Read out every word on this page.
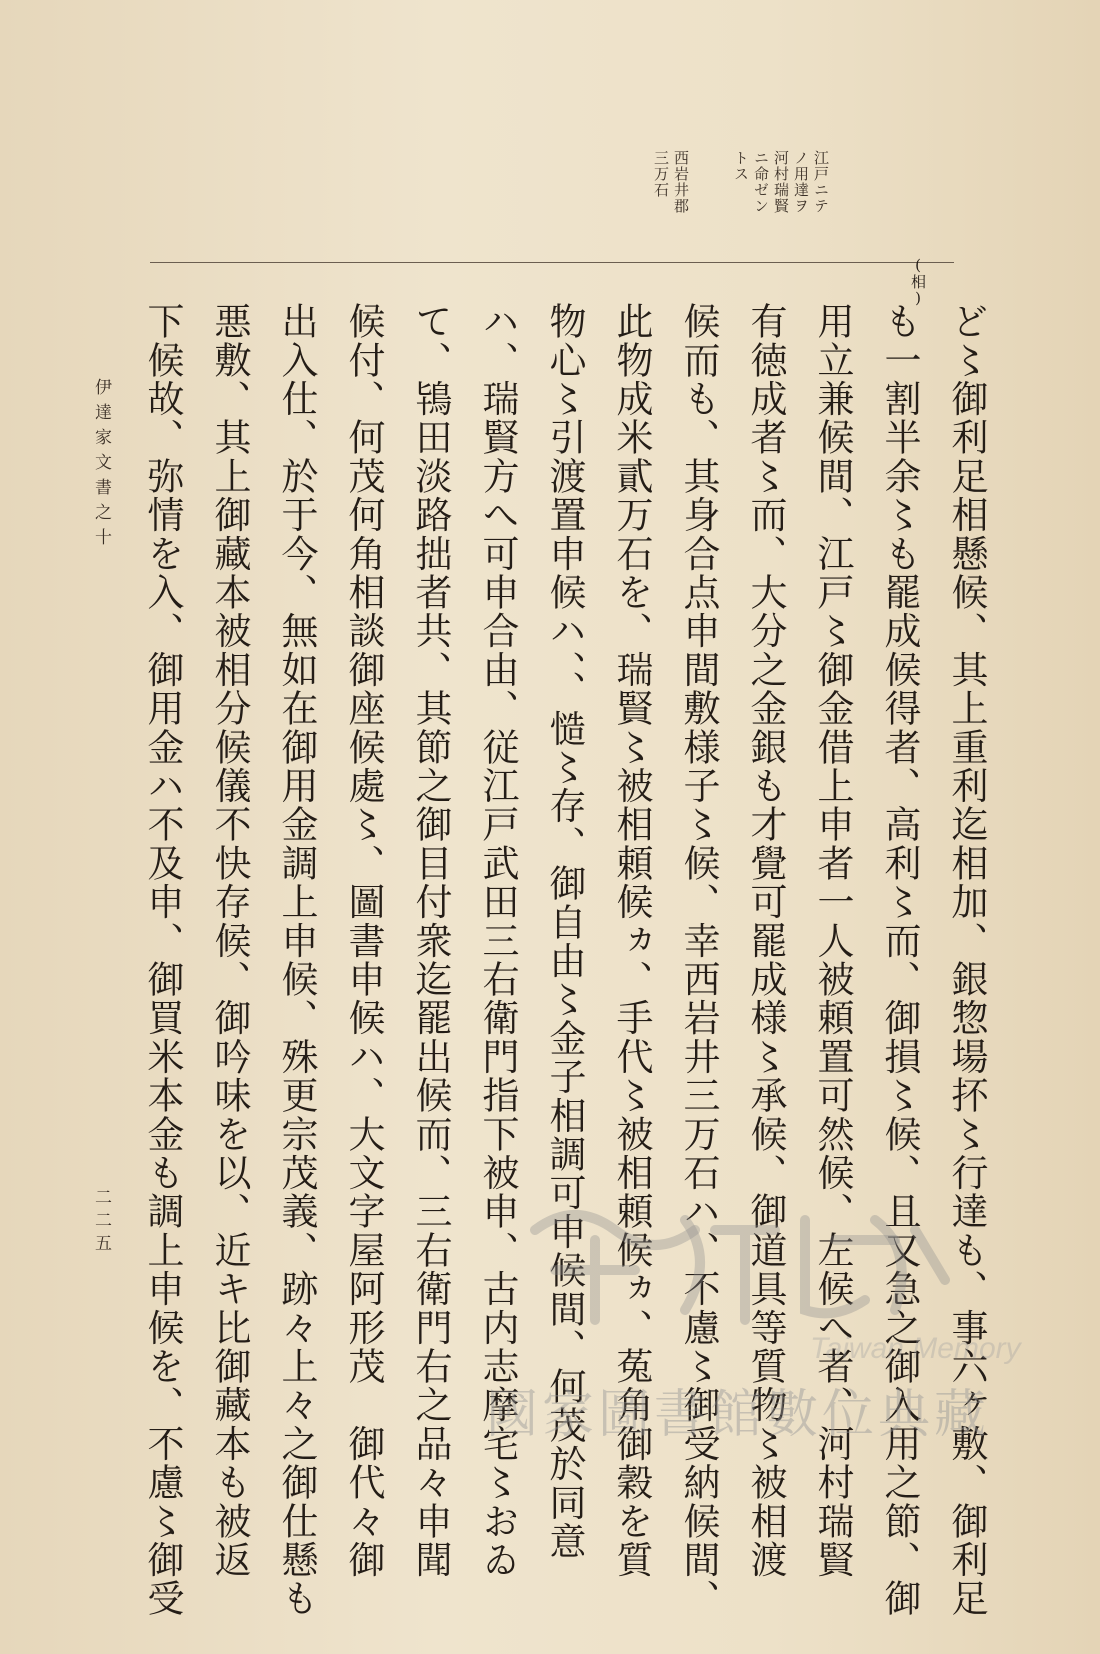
江戸ニテ
ノ用達ヲ
河村瑞賢
ニ命ゼン
トス
西岩井郡
三万石
(相)
ど〻御利足相懸候、其上重利迄相加、銀惣場抔〻行達も、事六ヶ敷、御利足
も一割半余〻も罷成候得者、高利〻而、御損〻候、且又急之御入用之節、御
用立兼候間、江戸〻御金借上申者一人被頼置可然候、左候へ者、河村瑞賢
有徳成者〻而、大分之金銀も才覺可罷成様〻承候、御道具等質物〻被相渡
候而も、其身合点申間敷様子〻候、幸西岩井三万石ハ、不慮〻御受納候間、
此物成米貳万石を、瑞賢〻被相頼候ヵ、手代〻被相頼候ヵ、菟角御穀を質
物心〻引渡置申候ハ、、慥〻存、御自由〻金子相調可申候間、何茂於同意
ハ、瑞賢方へ可申合由、従江戸武田三右衛門指下被申、古内志摩宅〻おゐ
て、鴇田淡路拙者共、其節之御目付衆迄罷出候而、三右衛門右之品々申聞
候付、何茂何角相談御座候處〻、圖書申候ハ、大文字屋阿形茂　御代々御
出入仕、於于今、無如在御用金調上申候、殊更宗茂義、跡々上々之御仕懸も
悪敷、其上御藏本被相分候儀不快存候、御吟味を以、近キ比御藏本も被返
下候故、弥情を入、御用金ハ不及申、御買米本金も調上申候を、不慮〻御受
伊達家文書之十
二二五
Taiwan Memory
國家圖書館數位典藏
